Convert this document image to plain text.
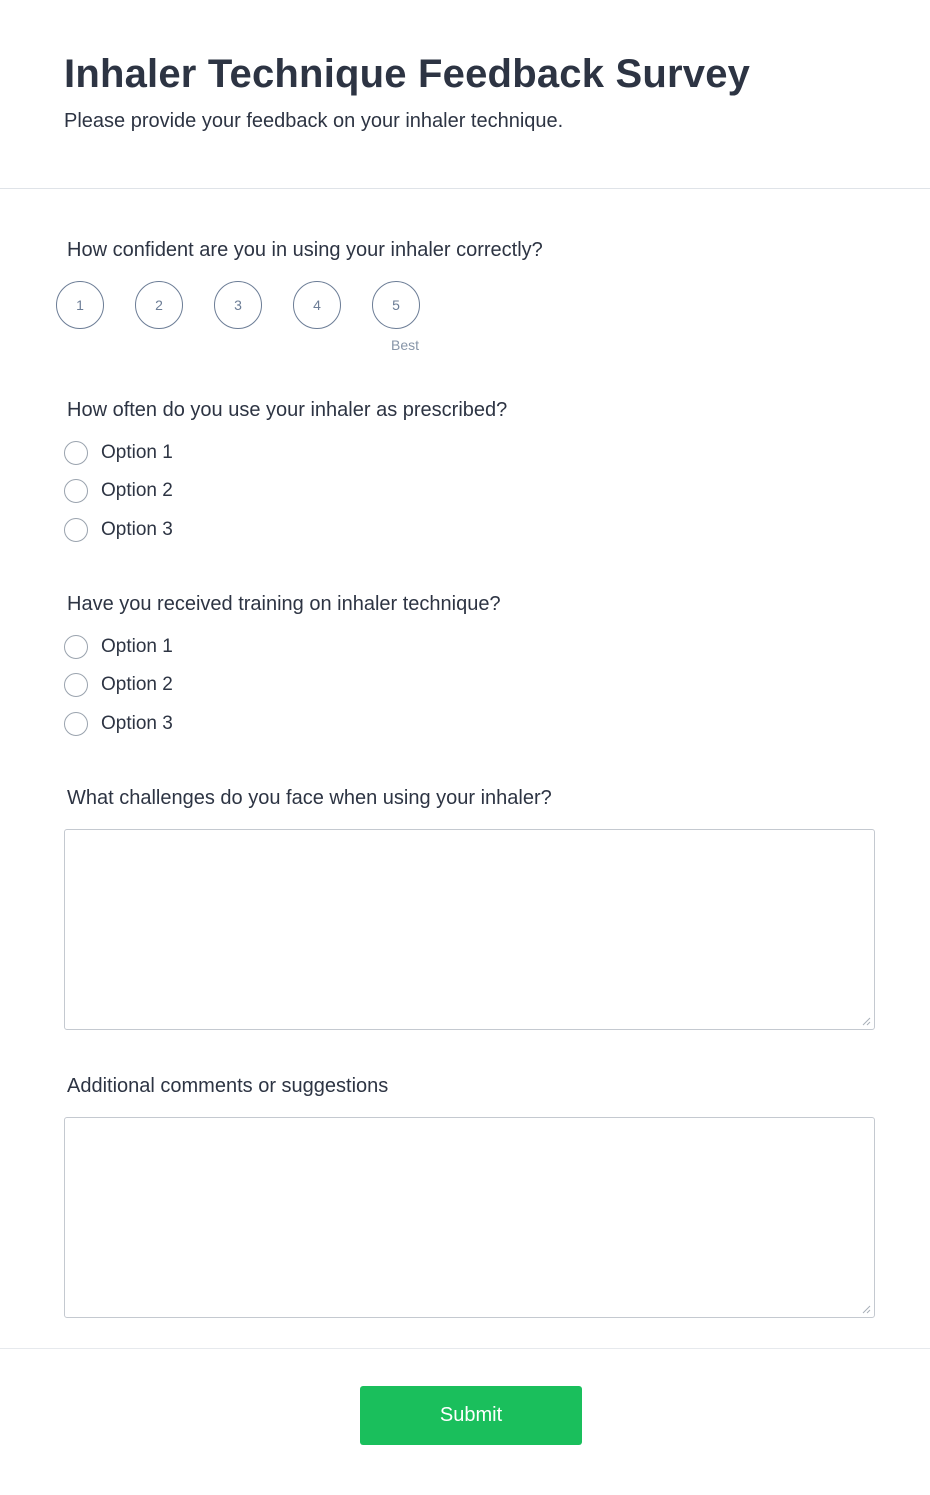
Inhaler Technique Feedback Survey
Please provide your feedback on your inhaler technique.
How confident are you in using your inhaler correctly?
1	2	3	4	5
Best
How often do you use your inhaler as prescribed?
Option 1
Option 2
Option 3
Have you received training on inhaler technique?
Option 1
Option 2
Option 3
What challenges do you face when using your inhaler?
Additional comments or suggestions
Submit
